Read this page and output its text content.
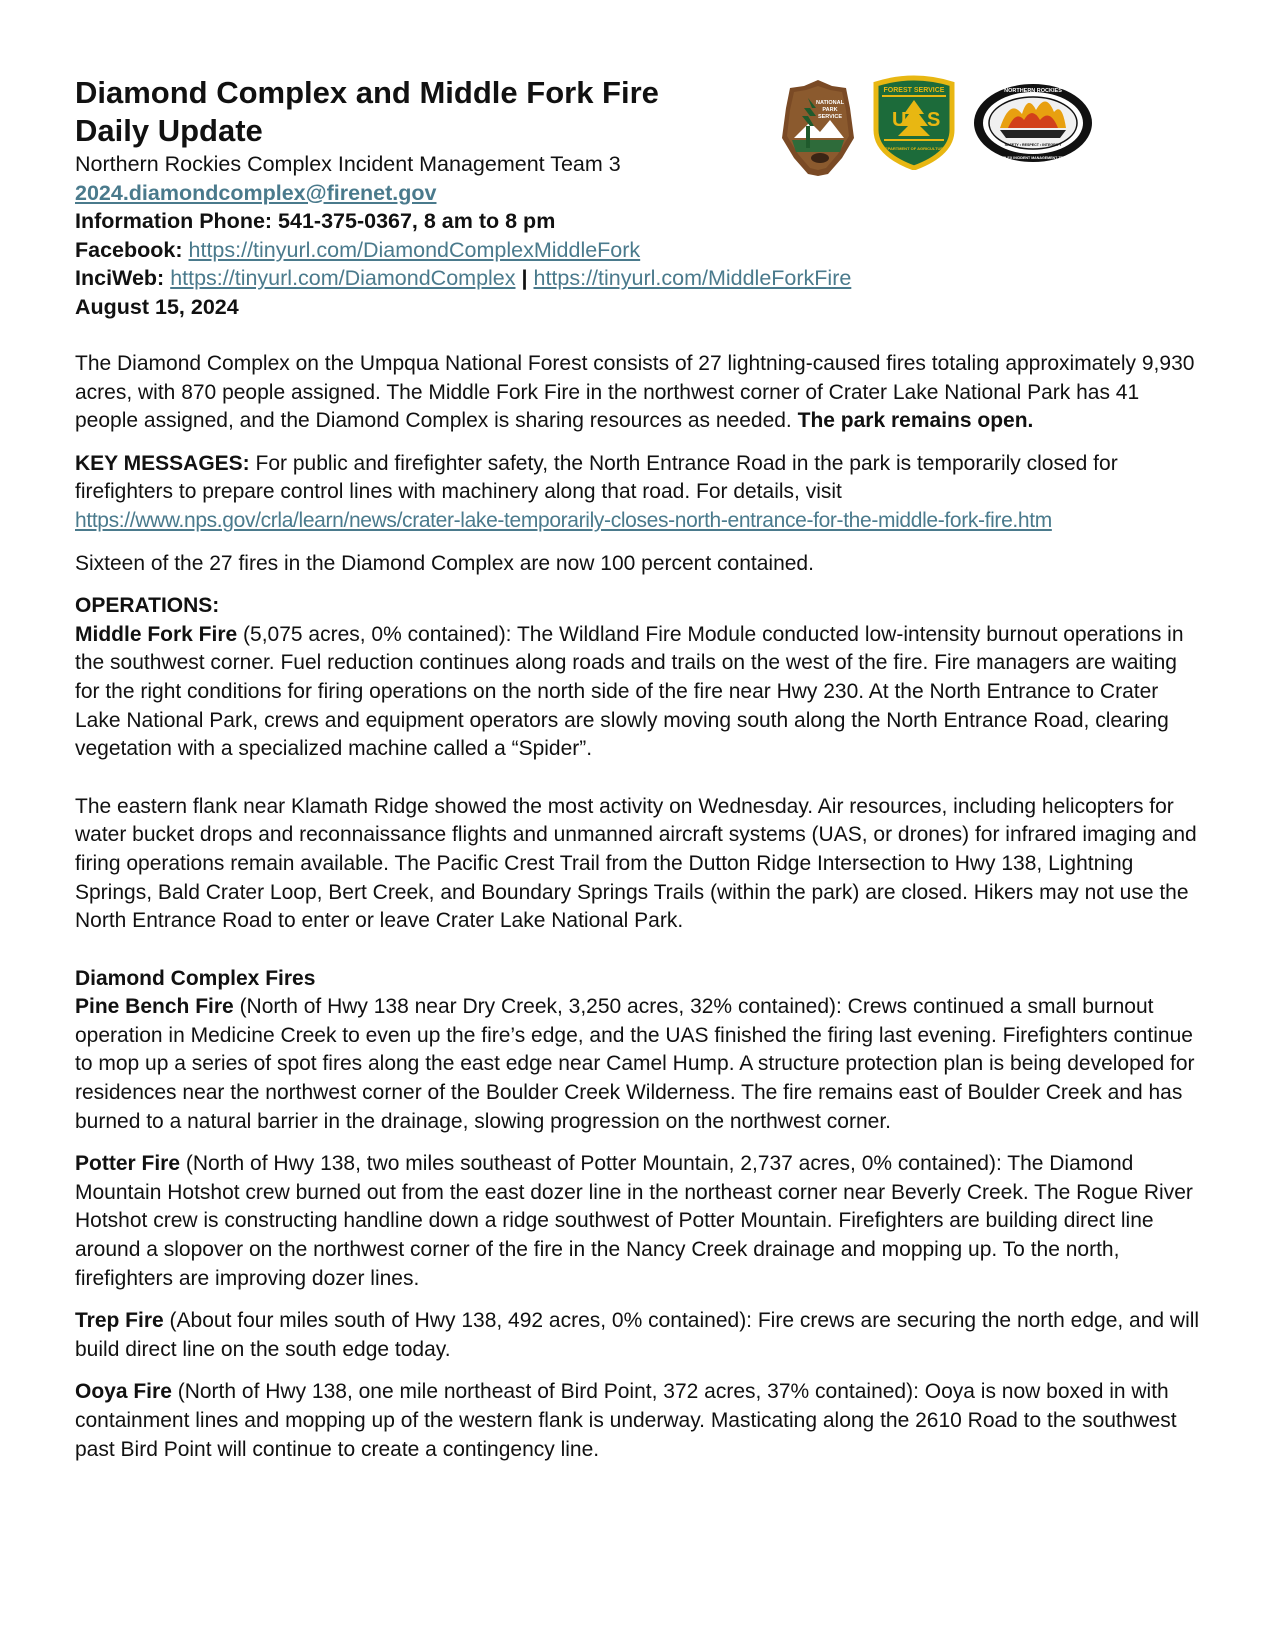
NATIONAL
PARK
SERVICE U S
FOREST SERVICE
DEPARTMENT OF AGRICULTURE
NORTHERN ROCKIES
SAFETY • RESPECT • INTEGRITY
COMPLEX INCIDENT MANAGEMENT TEAM 3
Diamond Complex and Middle Fork Fire
Daily Update
Northern Rockies Complex Incident Management Team 3
2024.diamondcomplex@firenet.gov
Information Phone: 541-375-0367, 8 am to 8 pm
Facebook: https://tinyurl.com/DiamondComplexMiddleFork
InciWeb: https://tinyurl.com/DiamondComplex | https://tinyurl.com/MiddleForkFire
August 15, 2024

The Diamond Complex on the Umpqua National Forest consists of 27 lightning-caused fires totaling approximately 9,930 acres, with 870 people assigned. The Middle Fork Fire in the northwest corner of Crater Lake National Park has 41 people assigned, and the Diamond Complex is sharing resources as needed. The park remains open.

KEY MESSAGES: For public and firefighter safety, the North Entrance Road in the park is temporarily closed for firefighters to prepare control lines with machinery along that road. For details, visit
https://www.nps.gov/crla/learn/news/crater-lake-temporarily-closes-north-entrance-for-the-middle-fork-fire.htm

Sixteen of the 27 fires in the Diamond Complex are now 100 percent contained.

OPERATIONS:
Middle Fork Fire (5,075 acres, 0% contained): The Wildland Fire Module conducted low-intensity burnout operations in the southwest corner. Fuel reduction continues along roads and trails on the west of the fire. Fire managers are waiting for the right conditions for firing operations on the north side of the fire near Hwy 230. At the North Entrance to Crater Lake National Park, crews and equipment operators are slowly moving south along the North Entrance Road, clearing vegetation with a specialized machine called a “Spider”.

The eastern flank near Klamath Ridge showed the most activity on Wednesday. Air resources, including helicopters for water bucket drops and reconnaissance flights and unmanned aircraft systems (UAS, or drones) for infrared imaging and firing operations remain available. The Pacific Crest Trail from the Dutton Ridge Intersection to Hwy 138, Lightning Springs, Bald Crater Loop, Bert Creek, and Boundary Springs Trails (within the park) are closed. Hikers may not use the North Entrance Road to enter or leave Crater Lake National Park.

Diamond Complex Fires
Pine Bench Fire (North of Hwy 138 near Dry Creek, 3,250 acres, 32% contained): Crews continued a small burnout operation in Medicine Creek to even up the fire’s edge, and the UAS finished the firing last evening. Firefighters continue to mop up a series of spot fires along the east edge near Camel Hump. A structure protection plan is being developed for residences near the northwest corner of the Boulder Creek Wilderness. The fire remains east of Boulder Creek and has burned to a natural barrier in the drainage, slowing progression on the northwest corner.

Potter Fire (North of Hwy 138, two miles southeast of Potter Mountain, 2,737 acres, 0% contained): The Diamond Mountain Hotshot crew burned out from the east dozer line in the northeast corner near Beverly Creek. The Rogue River Hotshot crew is constructing handline down a ridge southwest of Potter Mountain. Firefighters are building direct line around a slopover on the northwest corner of the fire in the Nancy Creek drainage and mopping up. To the north, firefighters are improving dozer lines.

Trep Fire (About four miles south of Hwy 138, 492 acres, 0% contained): Fire crews are securing the north edge, and will build direct line on the south edge today.

Ooya Fire (North of Hwy 138, one mile northeast of Bird Point, 372 acres, 37% contained): Ooya is now boxed in with containment lines and mopping up of the western flank is underway. Masticating along the 2610 Road to the southwest past Bird Point will continue to create a contingency line.
